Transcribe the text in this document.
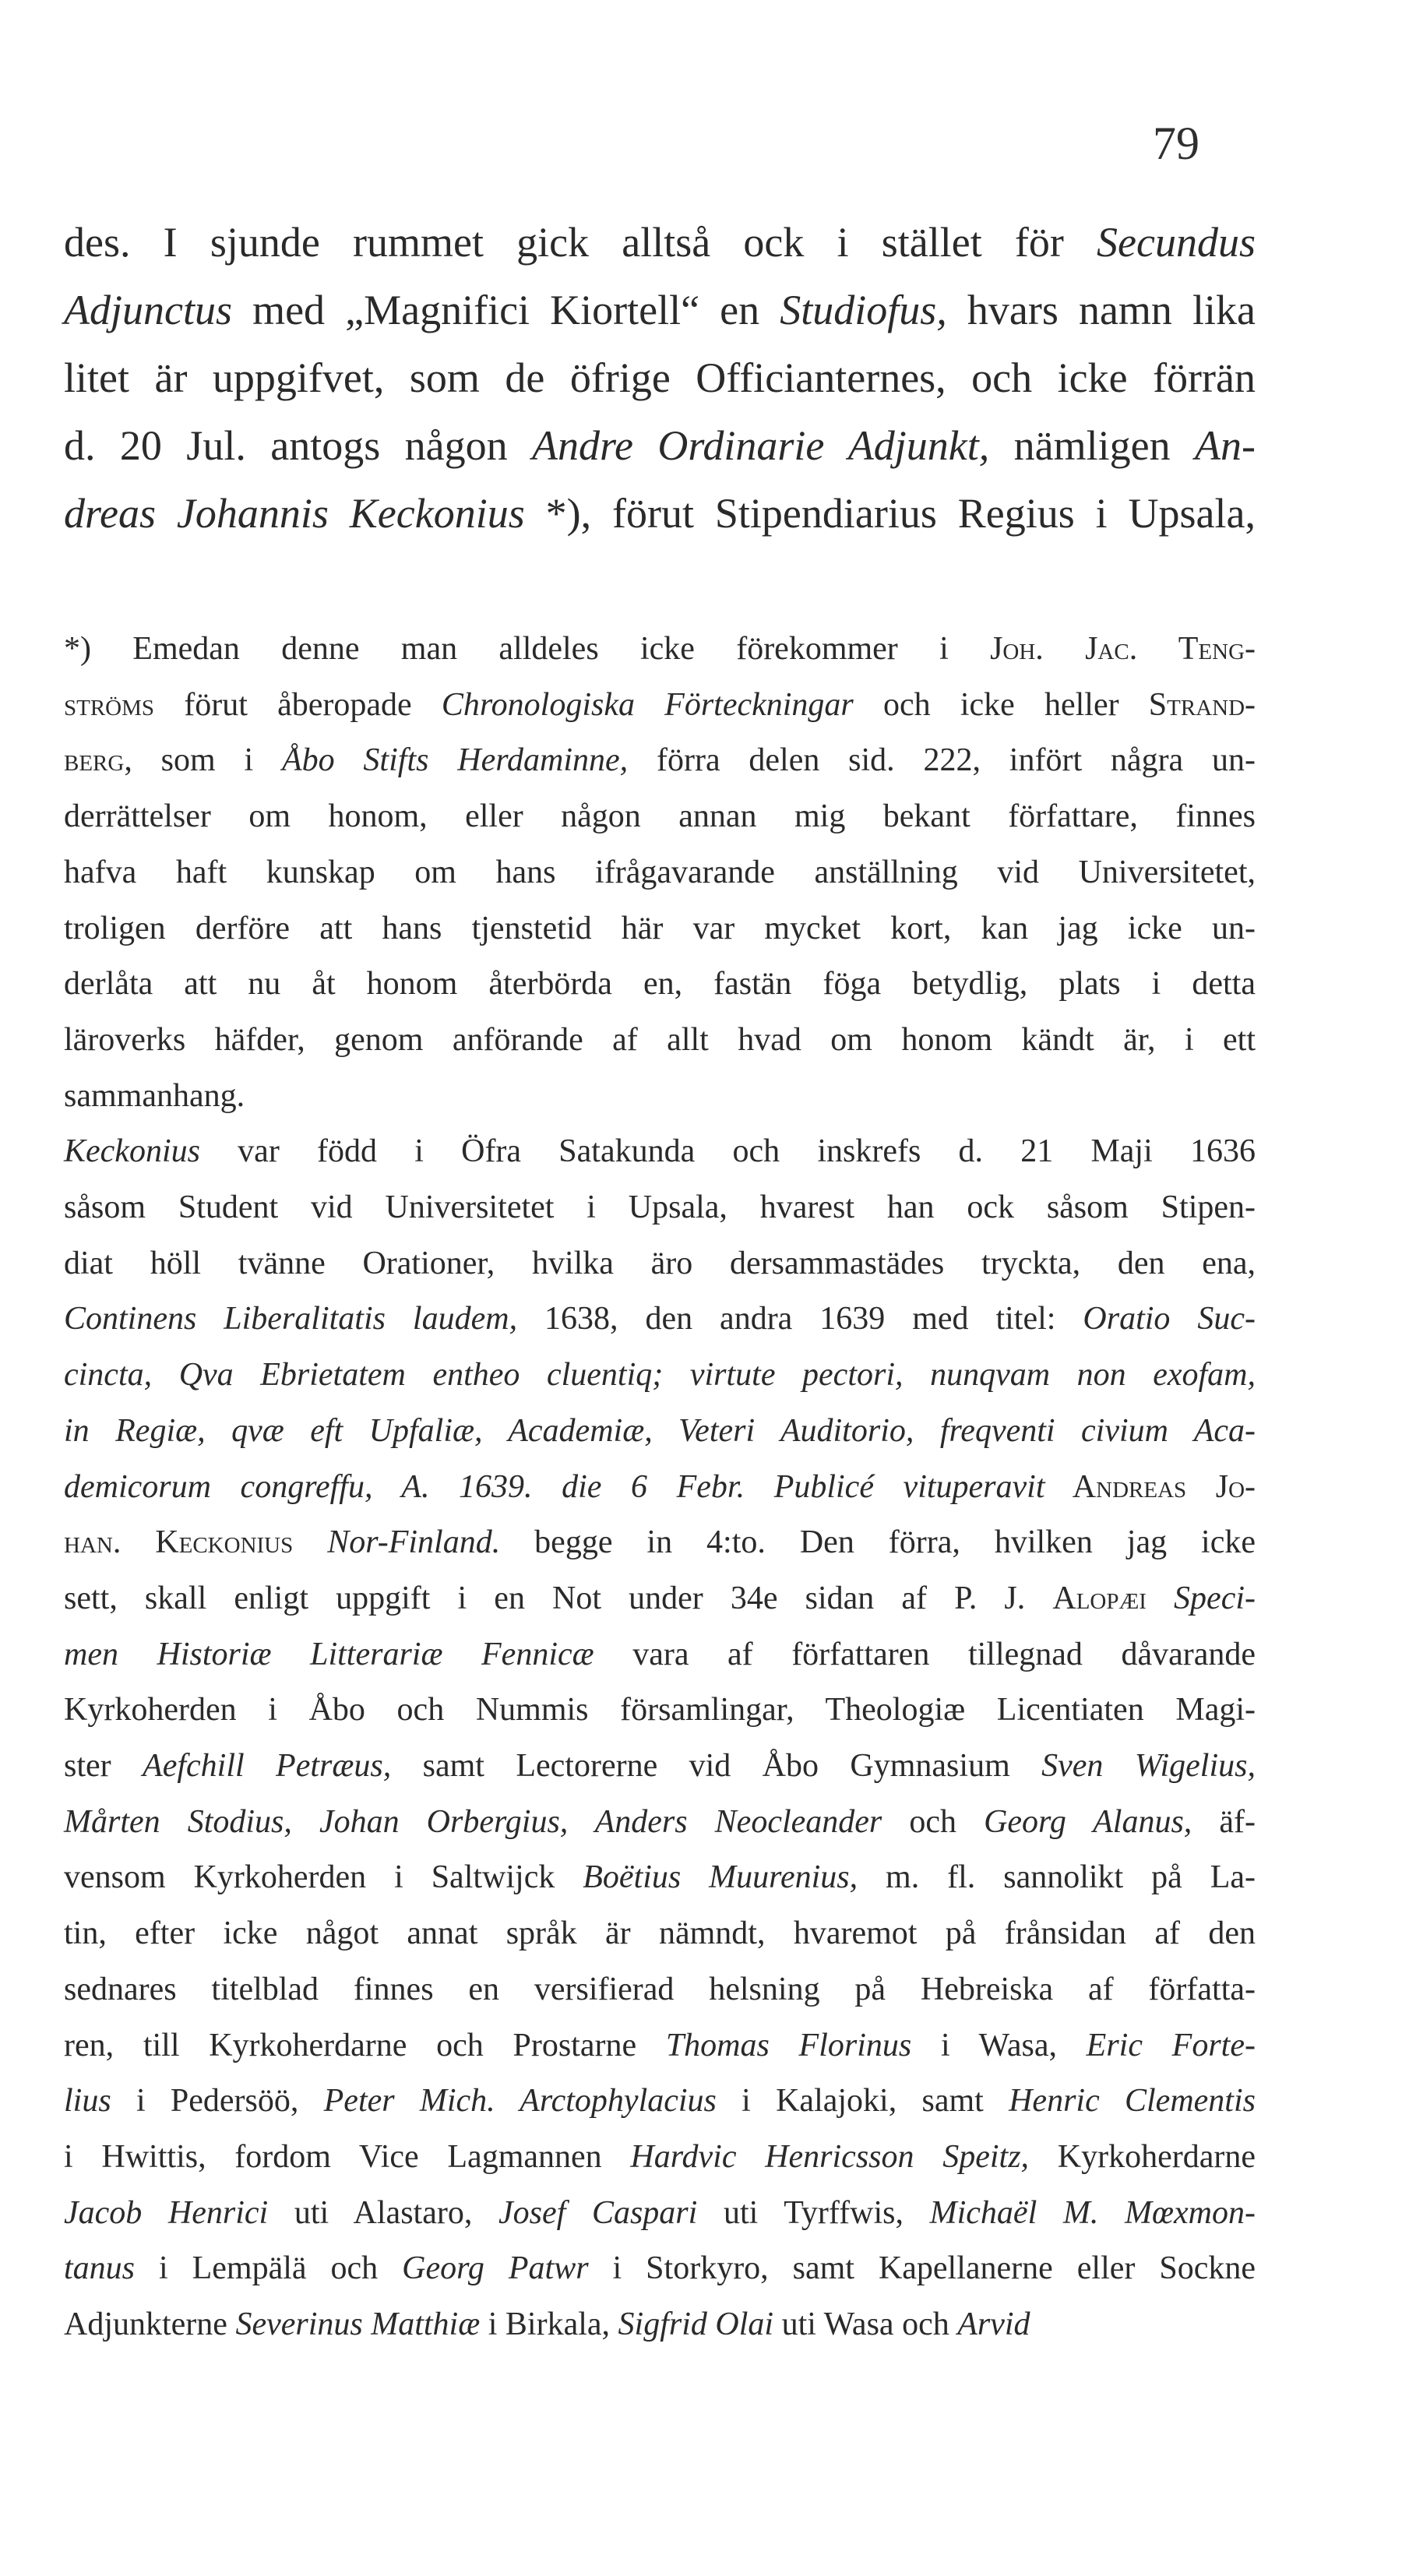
79
des. I sjunde rummet gick alltså ock i stället för Secundus
Adjunctus med „Magnifici Kiortell“ en Studiofus, hvars namn lika
litet är uppgifvet, som de öfrige Officianternes, och icke förrän
d. 20 Jul. antogs någon Andre Ordinarie Adjunkt, nämligen An-
dreas Johannis Keckonius *), förut Stipendiarius Regius i Upsala,
*) Emedan denne man alldeles icke förekommer i Joh. Jac. Teng-
ströms förut åberopade Chronologiska Förteckningar och icke heller Strand-
berg, som i Åbo Stifts Herdaminne, förra delen sid. 222, infört några un-
derrättelser om honom, eller någon annan mig bekant författare, finnes
hafva haft kunskap om hans ifrågavarande anställning vid Universitetet,
troligen derföre att hans tjenstetid här var mycket kort, kan jag icke un-
derlåta att nu åt honom återbörda en, fastän föga betydlig, plats i detta
läroverks häfder, genom anförande af allt hvad om honom kändt är, i ett
sammanhang.
Keckonius var född i Öfra Satakunda och inskrefs d. 21 Maji 1636
såsom Student vid Universitetet i Upsala, hvarest han ock såsom Stipen-
diat höll tvänne Orationer, hvilka äro dersammastädes tryckta, den ena,
Continens Liberalitatis laudem, 1638, den andra 1639 med titel: Oratio Suc-
cincta, Qva Ebrietatem entheo cluentiq; virtute pectori, nunqvam non exofam,
in Regiæ, qvæ eft Upfaliæ, Academiæ, Veteri Auditorio, freqventi civium Aca-
demicorum congreffu, A. 1639. die 6 Febr. Publicé vituperavit Andreas Jo-
han. Keckonius Nor-Finland. begge in 4:to. Den förra, hvilken jag icke
sett, skall enligt uppgift i en Not under 34e sidan af P. J. Alopæi Speci-
men Historiæ Litterariæ Fennicæ vara af författaren tillegnad dåvarande
Kyrkoherden i Åbo och Nummis församlingar, Theologiæ Licentiaten Magi-
ster Aefchill Petræus, samt Lectorerne vid Åbo Gymnasium Sven Wigelius,
Mårten Stodius, Johan Orbergius, Anders Neocleander och Georg Alanus, äf-
vensom Kyrkoherden i Saltwijck Boëtius Muurenius, m. fl. sannolikt på La-
tin, efter icke något annat språk är nämndt, hvaremot på frånsidan af den
sednares titelblad finnes en versifierad helsning på Hebreiska af författa-
ren, till Kyrkoherdarne och Prostarne Thomas Florinus i Wasa, Eric Forte-
lius i Pedersöö, Peter Mich. Arctophylacius i Kalajoki, samt Henric Clementis
i Hwittis, fordom Vice Lagmannen Hardvic Henricsson Speitz, Kyrkoherdarne
Jacob Henrici uti Alastaro, Josef Caspari uti Tyrffwis, Michaël M. Mœxmon-
tanus i Lempälä och Georg Patwr i Storkyro, samt Kapellanerne eller Sockne
Adjunkterne Severinus Matthiæ i Birkala, Sigfrid Olai uti Wasa och Arvid
